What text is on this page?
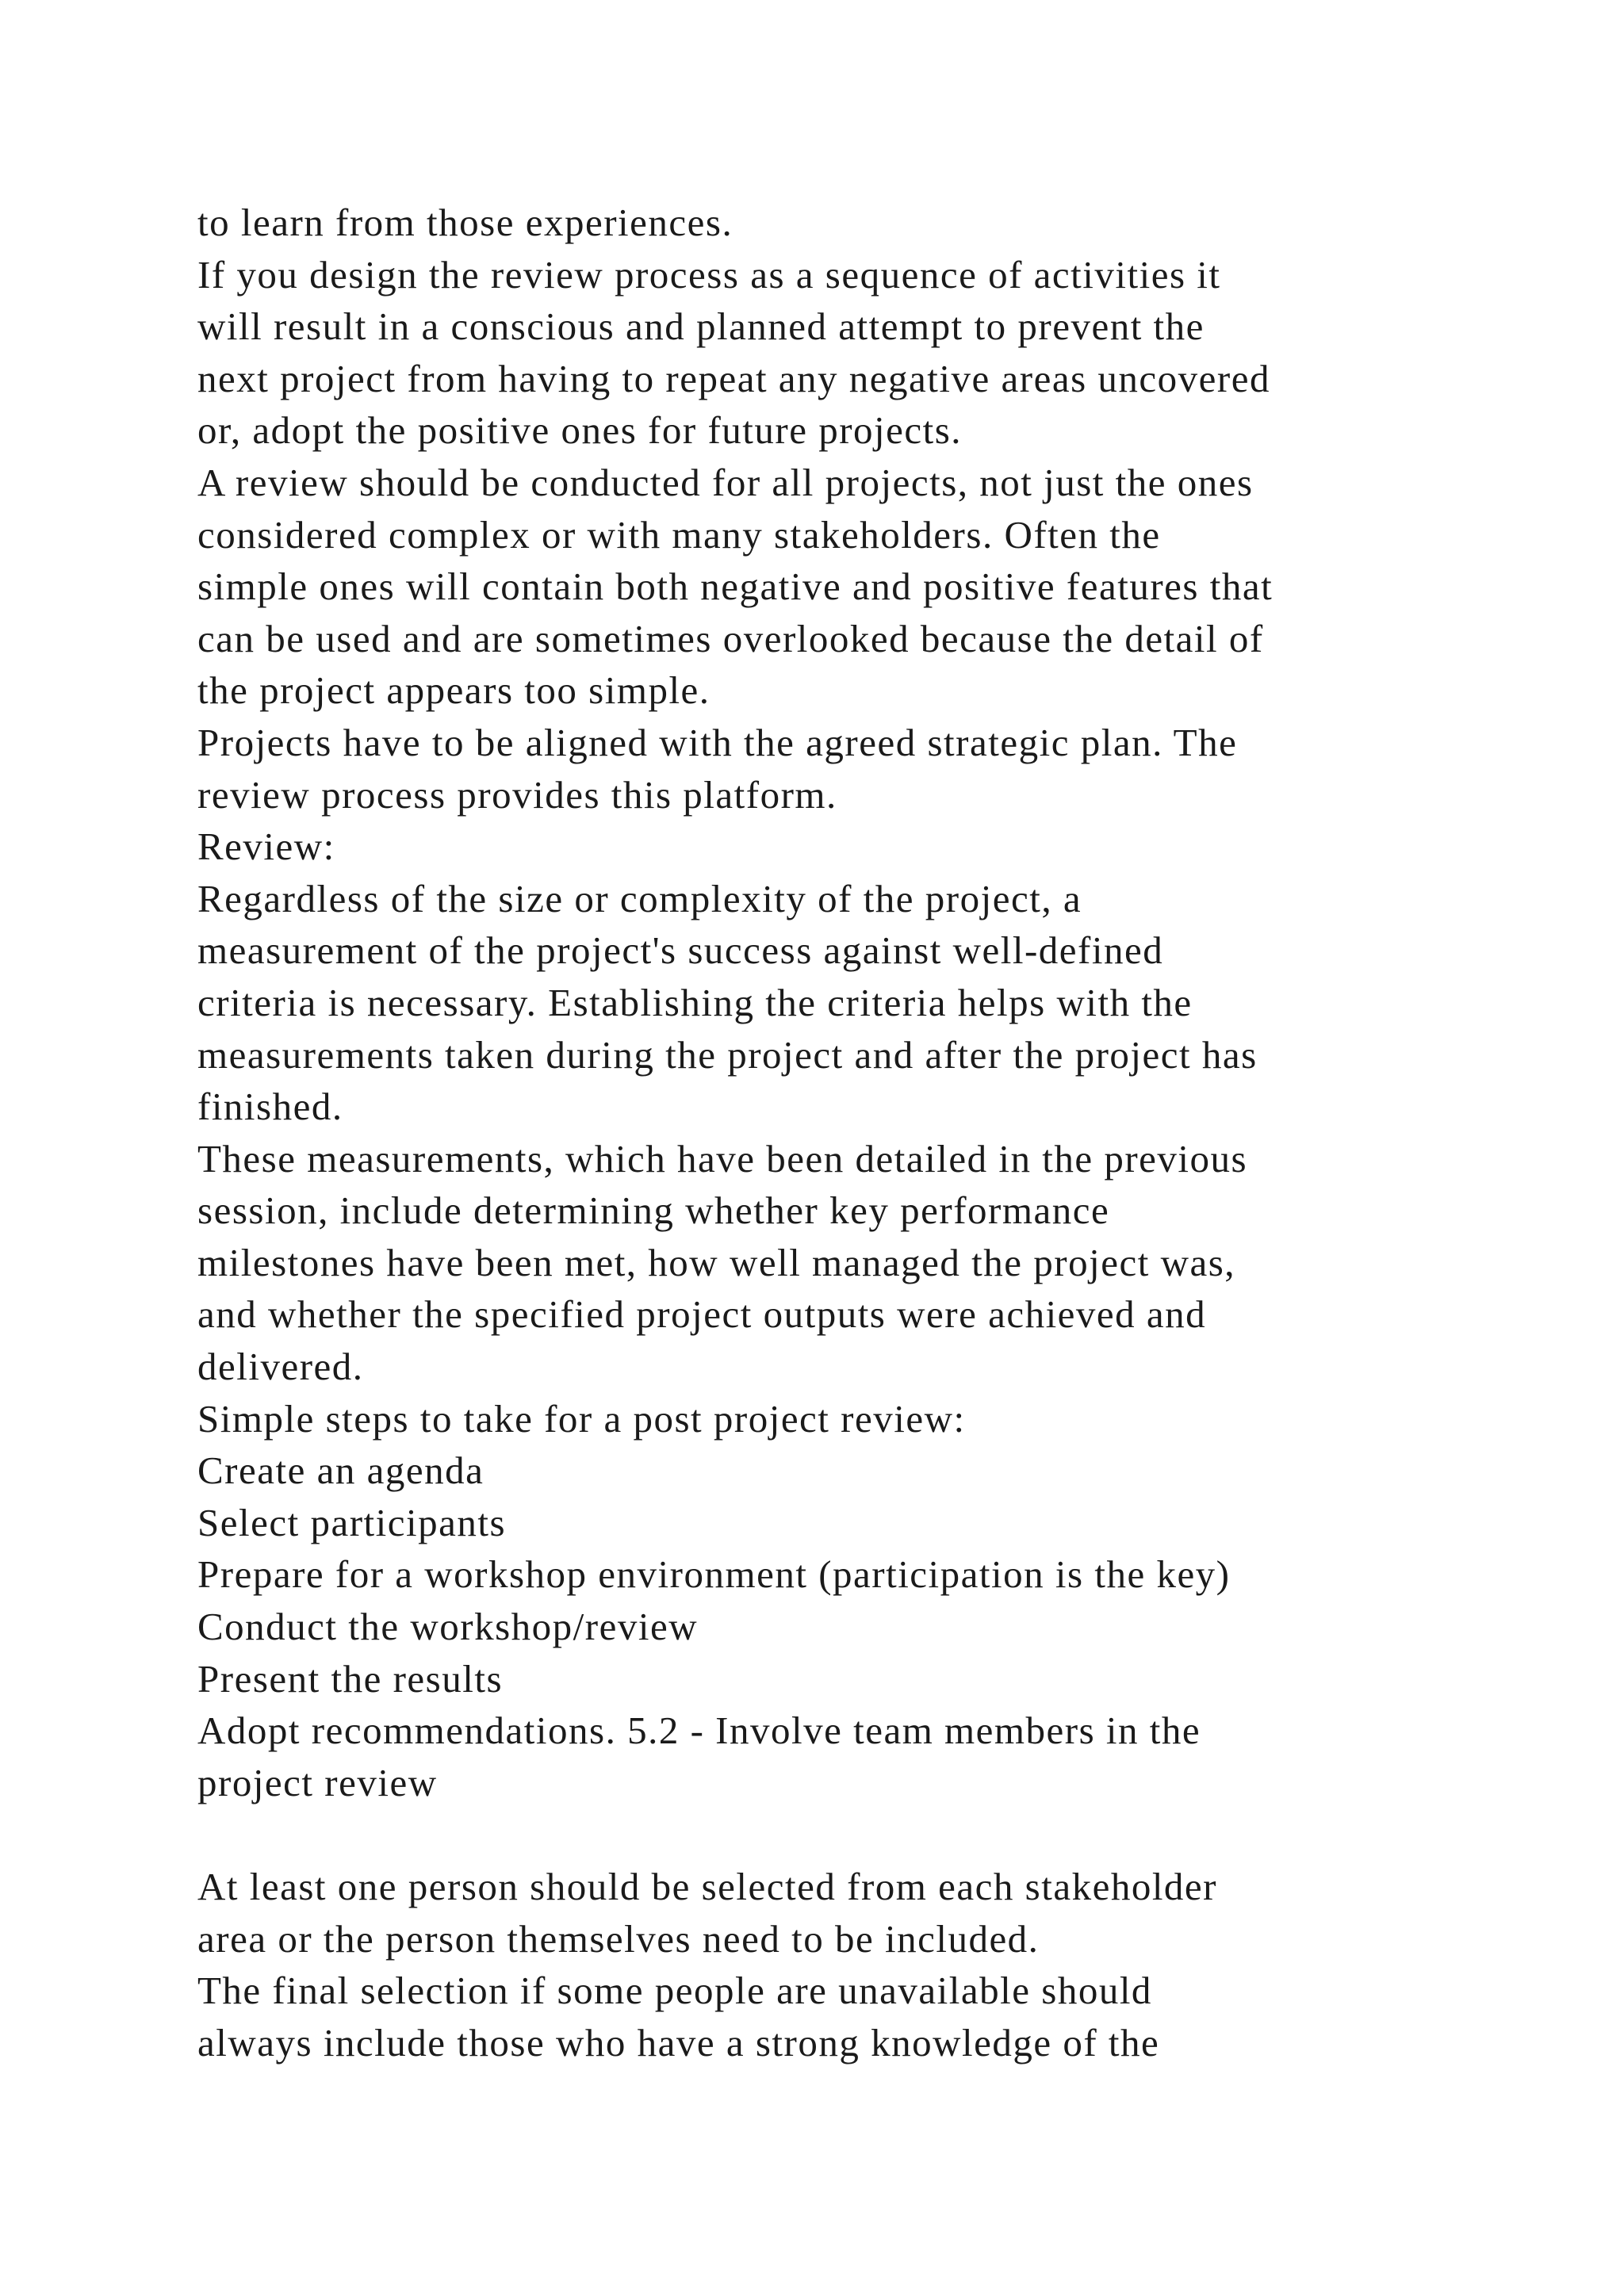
to learn from those experiences.
If you design the review process as a sequence of activities it
will result in a conscious and planned attempt to prevent the
next project from having to repeat any negative areas uncovered
or, adopt the positive ones for future projects.
A review should be conducted for all projects, not just the ones
considered complex or with many stakeholders. Often the
simple ones will contain both negative and positive features that
can be used and are sometimes overlooked because the detail of
the project appears too simple.
Projects have to be aligned with the agreed strategic plan. The
review process provides this platform.
Review:
Regardless of the size or complexity of the project, a
measurement of the project's success against well-defined
criteria is necessary. Establishing the criteria helps with the
measurements taken during the project and after the project has
finished.
These measurements, which have been detailed in the previous
session, include determining whether key performance
milestones have been met, how well managed the project was,
and whether the specified project outputs were achieved and
delivered.
Simple steps to take for a post project review:
Create an agenda
Select participants
Prepare for a workshop environment (participation is the key)
Conduct the workshop/review
Present the results
Adopt recommendations. 5.2 - Involve team members in the
project review
At least one person should be selected from each stakeholder
area or the person themselves need to be included.
The final selection if some people are unavailable should
always include those who have a strong knowledge of the
